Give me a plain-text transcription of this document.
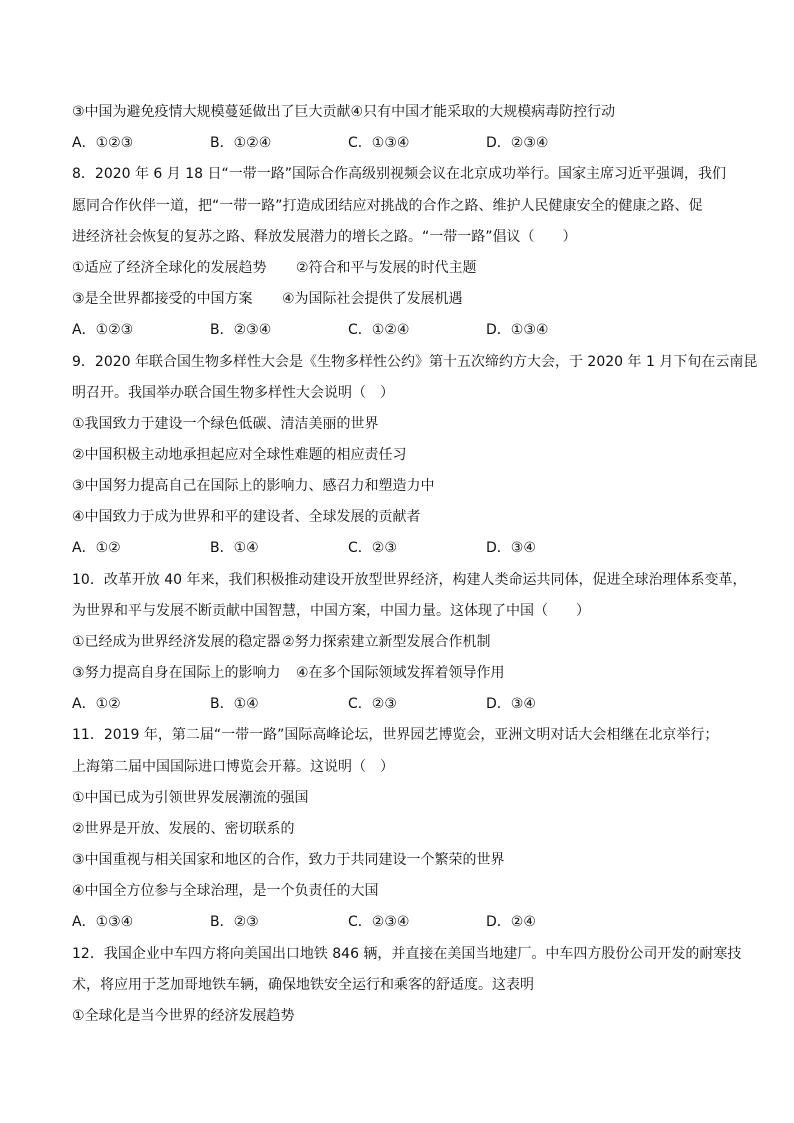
③中国为避免疫情大规模蔓延做出了巨大贡献④只有中国才能采取的大规模病毒防控行动
A．①②③	B．①②④	C．①③④	D．②③④
8．2020 年 6 月 18 日“一带一路”国际合作高级别视频会议在北京成功举行。国家主席习近平强调，我们
愿同合作伙伴一道，把“一带一路”打造成团结应对挑战的合作之路、维护人民健康安全的健康之路、促
进经济社会恢复的复苏之路、释放发展潜力的增长之路。“一带一路”倡议（　　）
①适应了经济全球化的发展趋势 ②符合和平与发展的时代主题
③是全世界都接受的中国方案 ④为国际社会提供了发展机遇
A．①②③	B．②③④	C．①②④	D．①③④
9．2020 年联合国生物多样性大会是《生物多样性公约》第十五次缔约方大会，于 2020 年 1 月下旬在云南昆
明召开。我国举办联合国生物多样性大会说明（　）
①我国致力于建设一个绿色低碳、清洁美丽的世界
②中国积极主动地承担起应对全球性难题的相应责任习
③中国努力提高自己在国际上的影响力、感召力和塑造力中
④中国致力于成为世界和平的建设者、全球发展的贡献者
A．①②	B．①④	C．②③	D．③④
10．改革开放 40 年来，我们积极推动建设开放型世界经济，构建人类命运共同体，促进全球治理体系变革，
为世界和平与发展不断贡献中国智慧，中国方案，中国力量。这体现了中国（　　）
①已经成为世界经济发展的稳定器 ②努力探索建立新型发展合作机制
③努力提高自身在国际上的影响力 ④在多个国际领域发挥着领导作用
A．①②	B．①④	C．②③	D．③④
11．2019 年，第二届“一带一路”国际高峰论坛，世界园艺博览会，亚洲文明对话大会相继在北京举行；
上海第二届中国国际进口博览会开幕。这说明（　）
①中国已成为引领世界发展潮流的强国
②世界是开放、发展的、密切联系的
③中国重视与相关国家和地区的合作，致力于共同建设一个繁荣的世界
④中国全方位参与全球治理，是一个负责任的大国
A．①③④	B．②③	C．②③④	D．②④
12．我国企业中车四方将向美国出口地铁 846 辆，并直接在美国当地建厂。中车四方股份公司开发的耐寒技
术，将应用于芝加哥地铁车辆，确保地铁安全运行和乘客的舒适度。这表明
①全球化是当今世界的经济发展趋势
